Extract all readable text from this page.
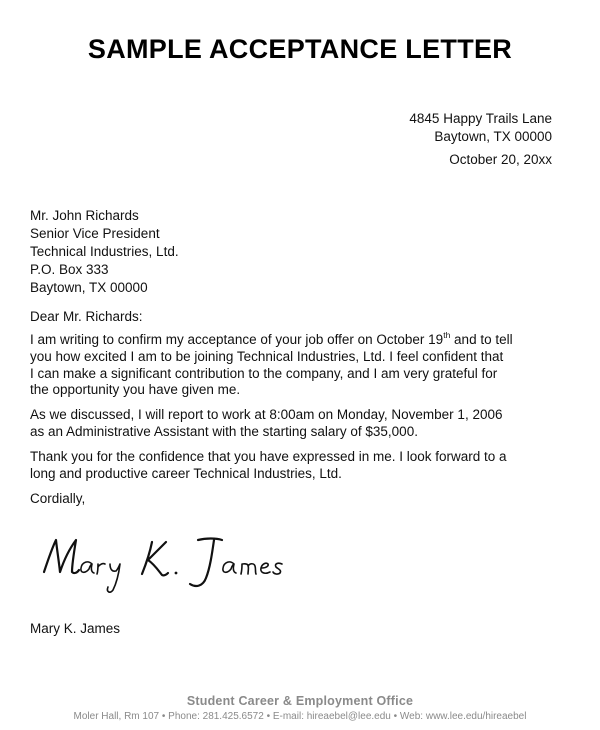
SAMPLE ACCEPTANCE LETTER
4845 Happy Trails Lane
Baytown, TX 00000
October 20, 20xx
Mr. John Richards
Senior Vice President
Technical Industries, Ltd.
P.O. Box 333
Baytown, TX 00000
Dear Mr. Richards:
I am writing to confirm my acceptance of your job offer on October 19th and to tell
you how excited I am to be joining Technical Industries, Ltd. I feel confident that
I can make a significant contribution to the company, and I am very grateful for
the opportunity you have given me.
As we discussed, I will report to work at 8:00am on Monday, November 1, 2006
as an Administrative Assistant with the starting salary of $35,000.
Thank you for the confidence that you have expressed in me. I look forward to a
long and productive career Technical Industries, Ltd.
Cordially,
Mary K. James
Student Career & Employment Office
Moler Hall, Rm 107 • Phone: 281.425.6572 • E-mail: hireaebel@lee.edu • Web: www.lee.edu/hireaebel
